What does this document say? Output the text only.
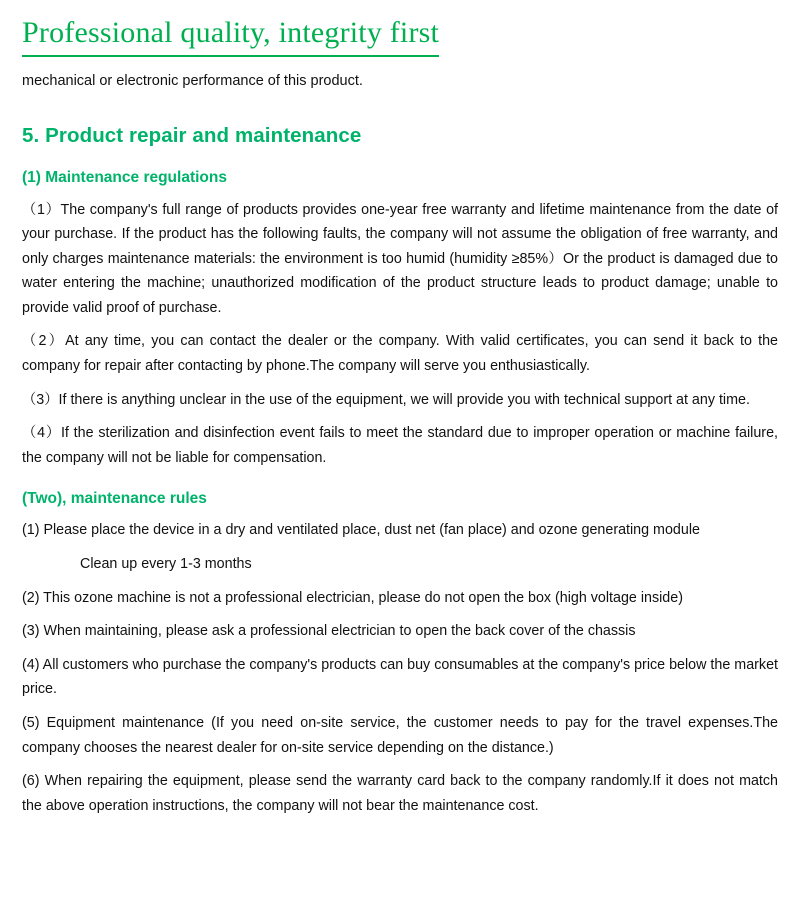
Professional quality, integrity first

mechanical or electronic performance of this product.

5. Product repair and maintenance
(1) Maintenance regulations

（1）The company's full range of products provides one-year free warranty and lifetime maintenance from the date of your purchase. If the product has the following faults, the company will not assume the obligation of free warranty, and only charges maintenance materials: the environment is too humid (humidity ≥85%）Or the product is damaged due to water entering the machine; unauthorized modification of the product structure leads to product damage; unable to provide valid proof of purchase.

（2）At any time, you can contact the dealer or the company. With valid certificates, you can send it back to the company for repair after contacting by phone.The company will serve you enthusiastically.

（3）If there is anything unclear in the use of the equipment, we will provide you with technical support at any time.

（4）If the sterilization and disinfection event fails to meet the standard due to improper operation or machine failure, the company will not be liable for compensation.

(Two), maintenance rules

(1) Please place the device in a dry and ventilated place, dust net (fan place) and ozone generating module

Clean up every 1-3 months

(2) This ozone machine is not a professional electrician, please do not open the box (high voltage inside)

(3) When maintaining, please ask a professional electrician to open the back cover of the chassis

(4) All customers who purchase the company's products can buy consumables at the company's price below the market price.

(5) Equipment maintenance (If you need on-site service, the customer needs to pay for the travel expenses.The company chooses the nearest dealer for on-site service depending on the distance.)

(6) When repairing the equipment, please send the warranty card back to the company randomly.If it does not match the above operation instructions, the company will not bear the maintenance cost.
